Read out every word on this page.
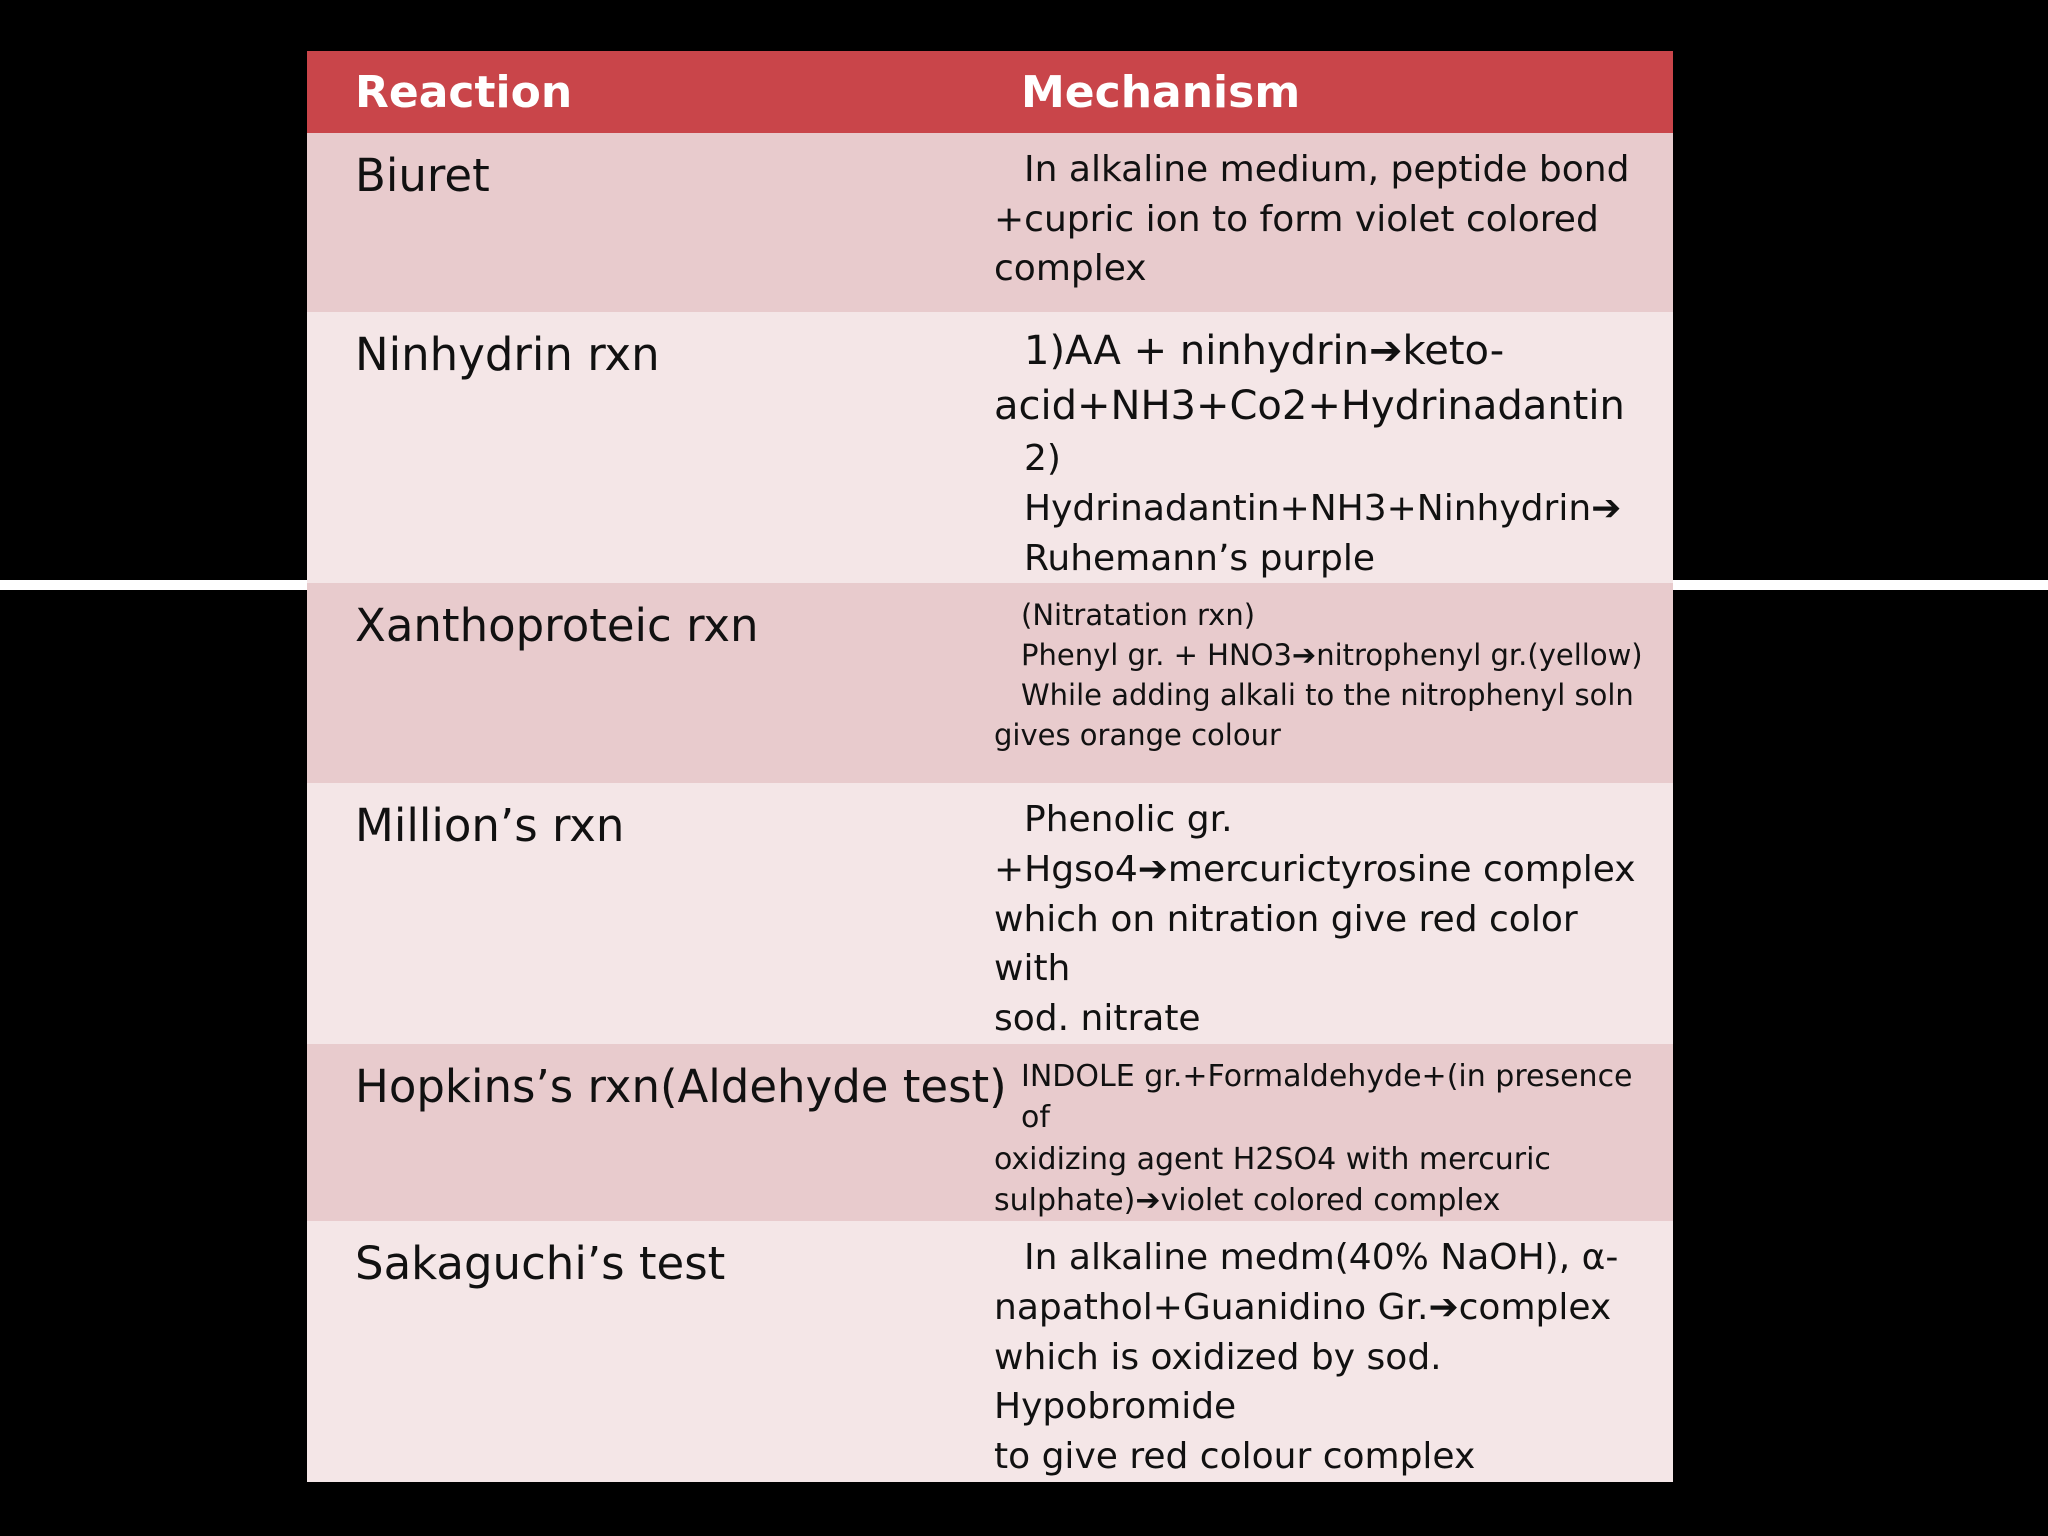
Reaction	Mechanism
Biuret	In alkaline medium, peptide bond
+cupric ion to form violet colored
complex

Ninhydrin rxn	1)AA + ninhydrin➔keto-
acid+NH3+Co2+Hydrinadantin
2) Hydrinadantin+NH3+Ninhydrin➔
Ruhemann’s purple

Xanthoproteic rxn	(Nitratation rxn)
Phenyl gr. + HNO3➔nitrophenyl gr.(yellow)
While adding alkali to the nitrophenyl soln
gives orange colour

Million’s rxn	Phenolic gr.
+Hgso4➔mercurictyrosine complex
which on nitration give red color with
sod. nitrate

Hopkins’s rxn(Aldehyde test)	INDOLE gr.+Formaldehyde+(in presence of
oxidizing agent H2SO4 with mercuric
sulphate)➔violet colored complex

Sakaguchi’s test	In alkaline medm(40% NaOH), α-
napathol+Guanidino Gr.➔complex
which is oxidized by sod. Hypobromide
to give red colour complex
